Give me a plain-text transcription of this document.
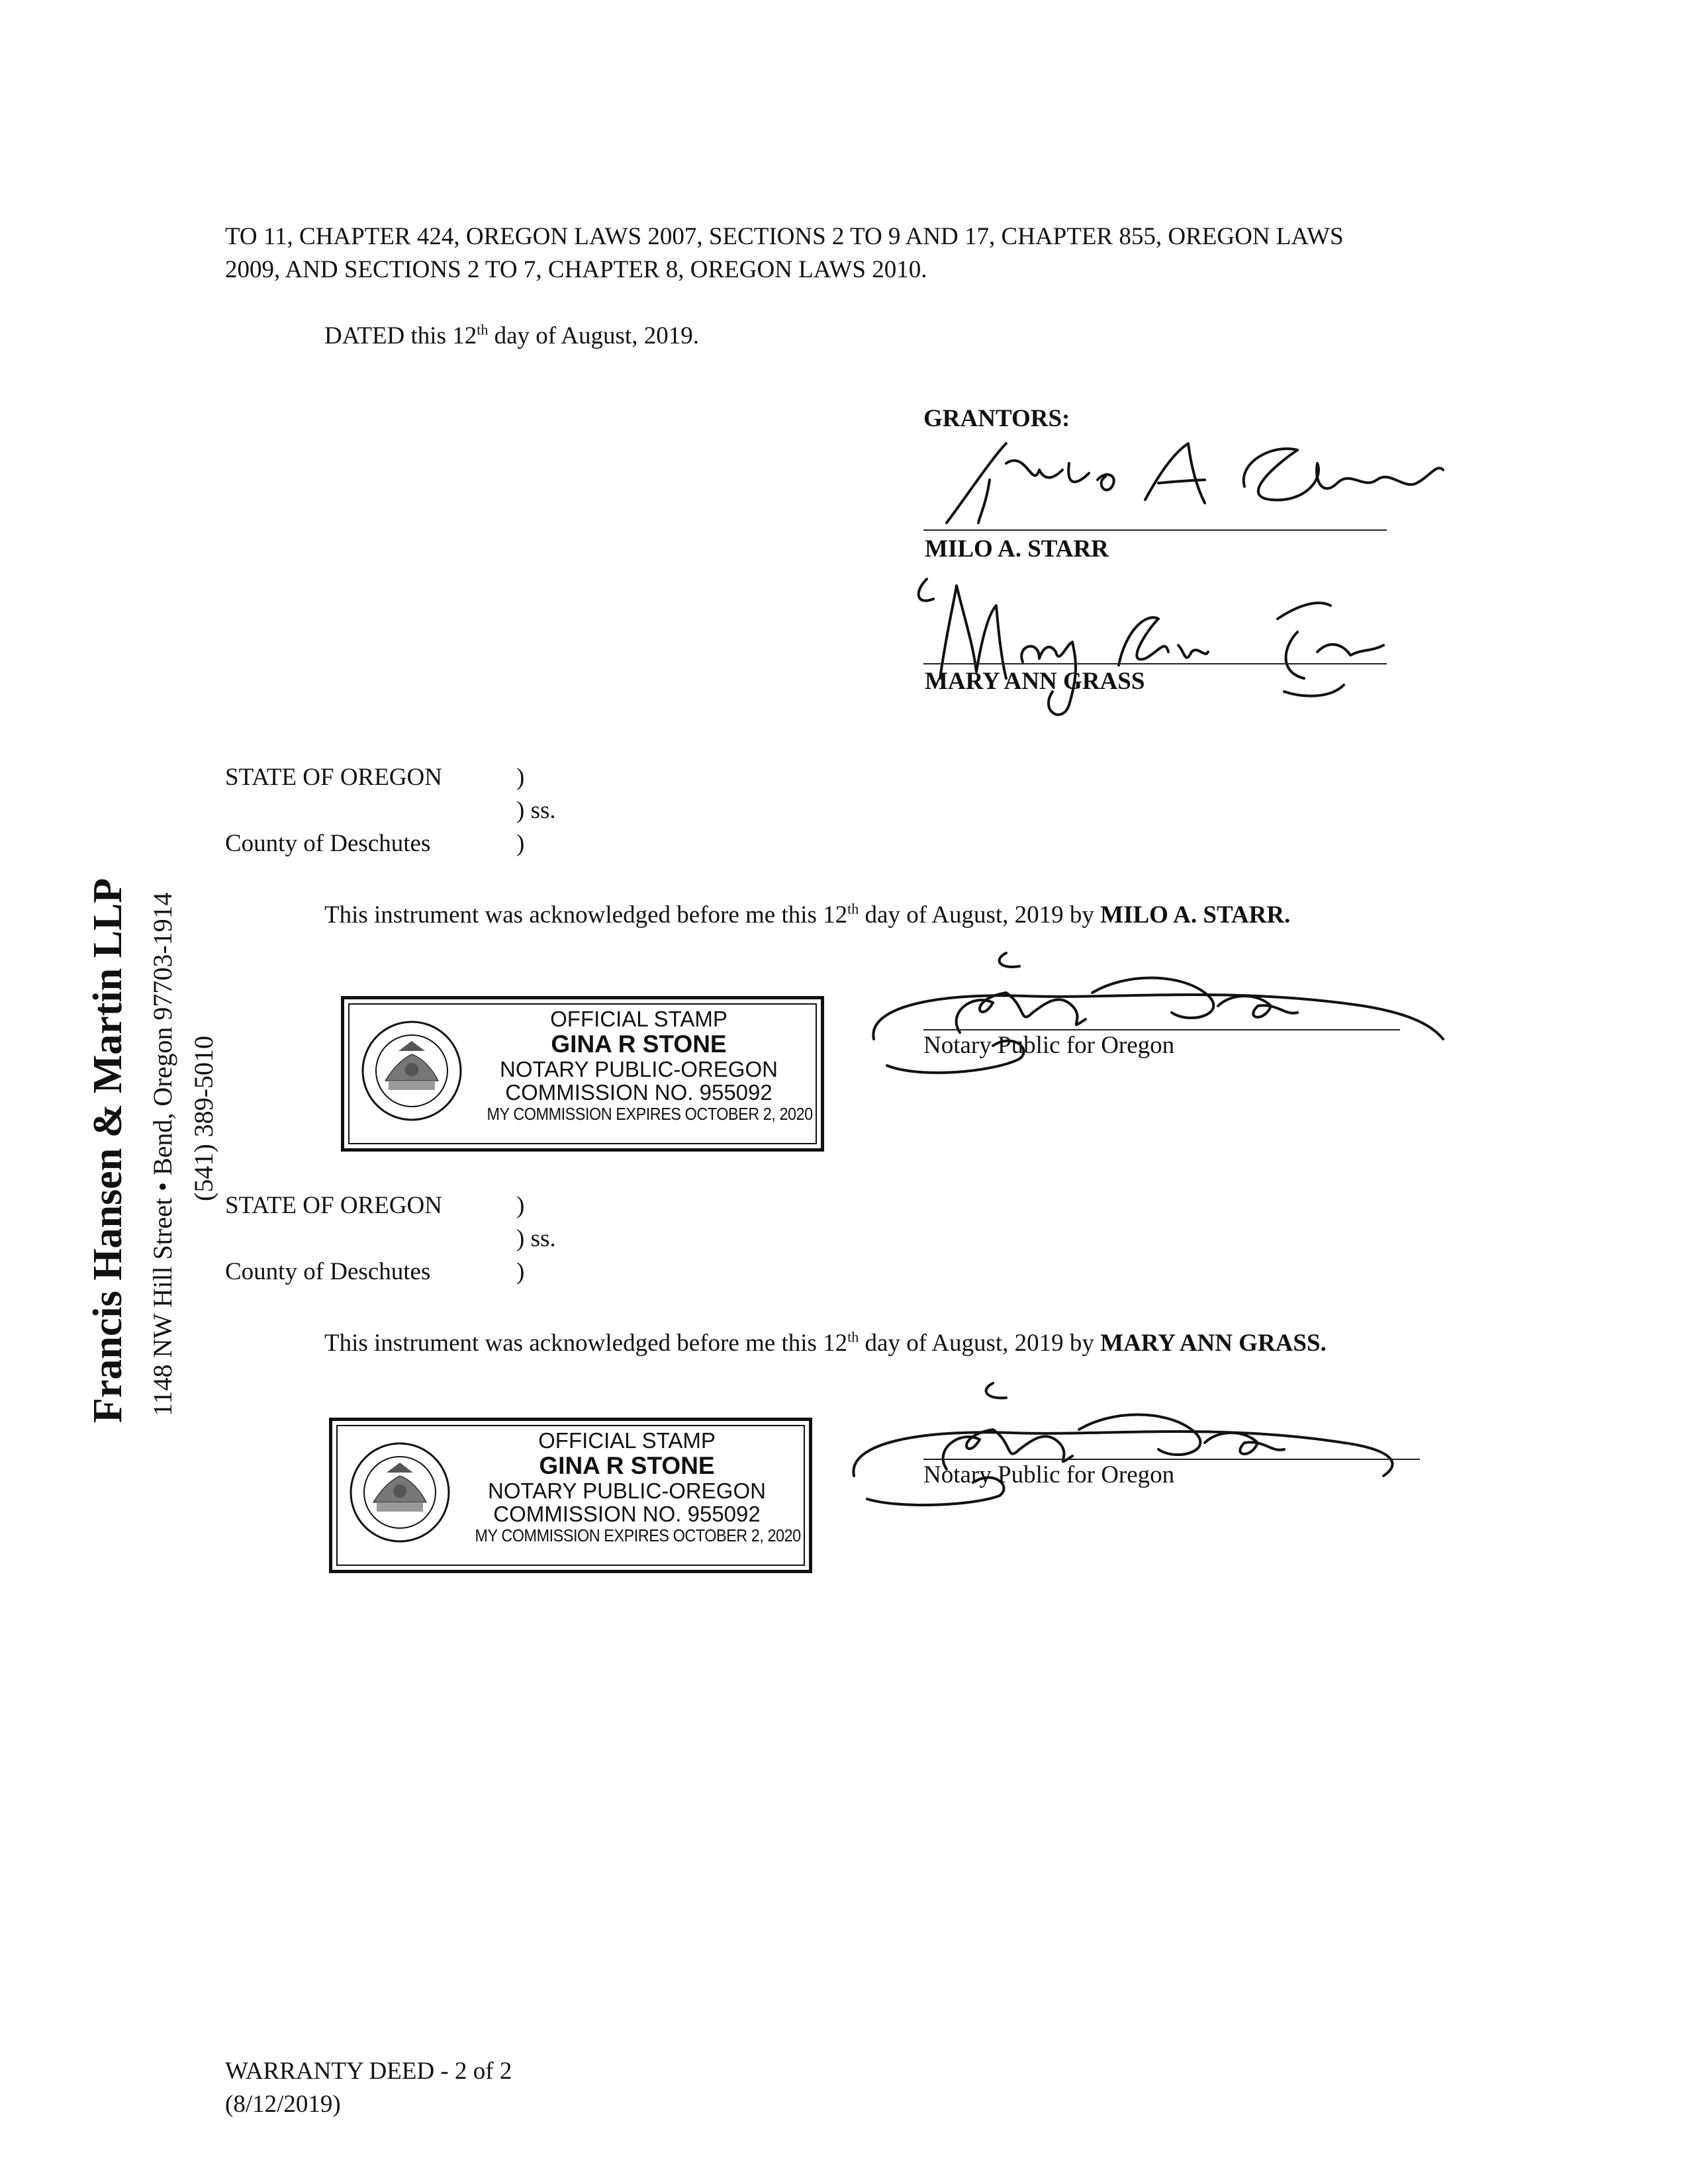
Francis Hansen & Martin LLP 1148 NW Hill Street • Bend, Oregon 97703-1914 (541) 389-5010
TO 11, CHAPTER 424, OREGON LAWS 2007, SECTIONS 2 TO 9 AND 17, CHAPTER 855, OREGON LAWS
2009, AND SECTIONS 2 TO 7, CHAPTER 8, OREGON LAWS 2010.
DATED this 12th day of August, 2019.
GRANTORS:
MILO A. STARR
MARY ANN GRASS
STATE OF OREGON	)
) ss.
County of Deschutes	)
This instrument was acknowledged before me this 12th day of August, 2019 by MILO A. STARR.
OFFICIAL STAMP
GINA R STONE
NOTARY PUBLIC-OREGON
COMMISSION NO. 955092
MY COMMISSION EXPIRES OCTOBER 2, 2020
Notary Public for Oregon
STATE OF OREGON	)
) ss.
County of Deschutes	)
This instrument was acknowledged before me this 12th day of August, 2019 by MARY ANN GRASS.
OFFICIAL STAMP
GINA R STONE
NOTARY PUBLIC-OREGON
COMMISSION NO. 955092
MY COMMISSION EXPIRES OCTOBER 2, 2020
Notary Public for Oregon
WARRANTY DEED - 2 of 2
(8/12/2019)
